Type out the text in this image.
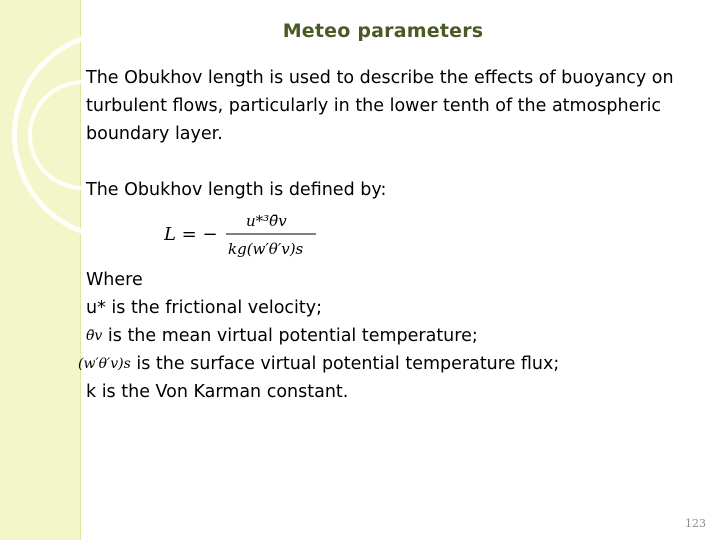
Meteo parameters

The Obukhov length is used to describe the effects of buoyancy on turbulent flows, particularly in the lower tenth of the atmospheric boundary layer.

The Obukhov length is defined by:

L = −
u*³θ̄v
kg(w′θ′v)s
Where
u* is the frictional velocity;
θ̄v is the mean virtual potential temperature;
(w′θ′v)s is the surface virtual potential temperature flux;
k is the Von Karman constant.
123
